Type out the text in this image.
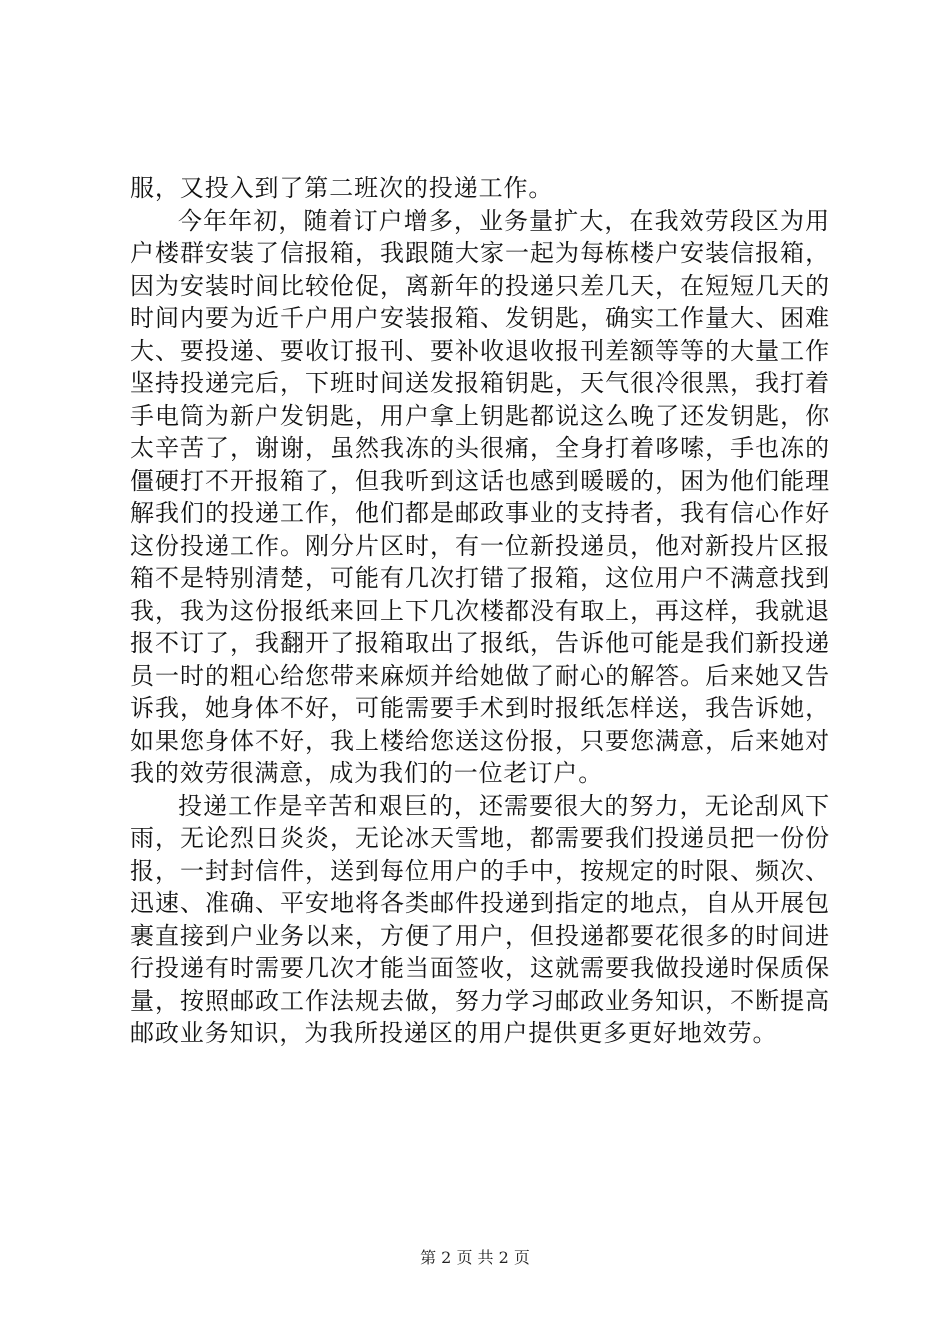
服，又投入到了第二班次的投递工作。

今年年初，随着订户增多，业务量扩大，在我效劳段区为用户楼群安装了信报箱，我跟随大家一起为每栋楼户安装信报箱，因为安装时间比较伧促，离新年的投递只差几天，在短短几天的时间内要为近千户用户安装报箱、发钥匙，确实工作量大、困难大、要投递、要收订报刊、要补收退收报刊差额等等的大量工作坚持投递完后，下班时间送发报箱钥匙，天气很冷很黑，我打着手电筒为新户发钥匙，用户拿上钥匙都说这么晚了还发钥匙，你太辛苦了，谢谢，虽然我冻的头很痛，全身打着哆嗦，手也冻的僵硬打不开报箱了，但我听到这话也感到暖暖的，困为他们能理解我们的投递工作，他们都是邮政事业的支持者，我有信心作好这份投递工作。刚分片区时，有一位新投递员，他对新投片区报箱不是特别清楚，可能有几次打错了报箱，这位用户不满意找到我，我为这份报纸来回上下几次楼都没有取上，再这样，我就退报不订了，我翻开了报箱取出了报纸，告诉他可能是我们新投递员一时的粗心给您带来麻烦并给她做了耐心的解答。后来她又告诉我，她身体不好，可能需要手术到时报纸怎样送，我告诉她，如果您身体不好，我上楼给您送这份报，只要您满意，后来她对我的效劳很满意，成为我们的一位老订户。

投递工作是辛苦和艰巨的，还需要很大的努力，无论刮风下雨，无论烈日炎炎，无论冰天雪地，都需要我们投递员把一份份报，一封封信件，送到每位用户的手中，按规定的时限、频次、迅速、准确、平安地将各类邮件投递到指定的地点，自从开展包裹直接到户业务以来，方便了用户，但投递都要花很多的时间进行投递有时需要几次才能当面签收，这就需要我做投递时保质保量，按照邮政工作法规去做，努力学习邮政业务知识，不断提高邮政业务知识，为我所投递区的用户提供更多更好地效劳。

第 2 页 共 2 页
